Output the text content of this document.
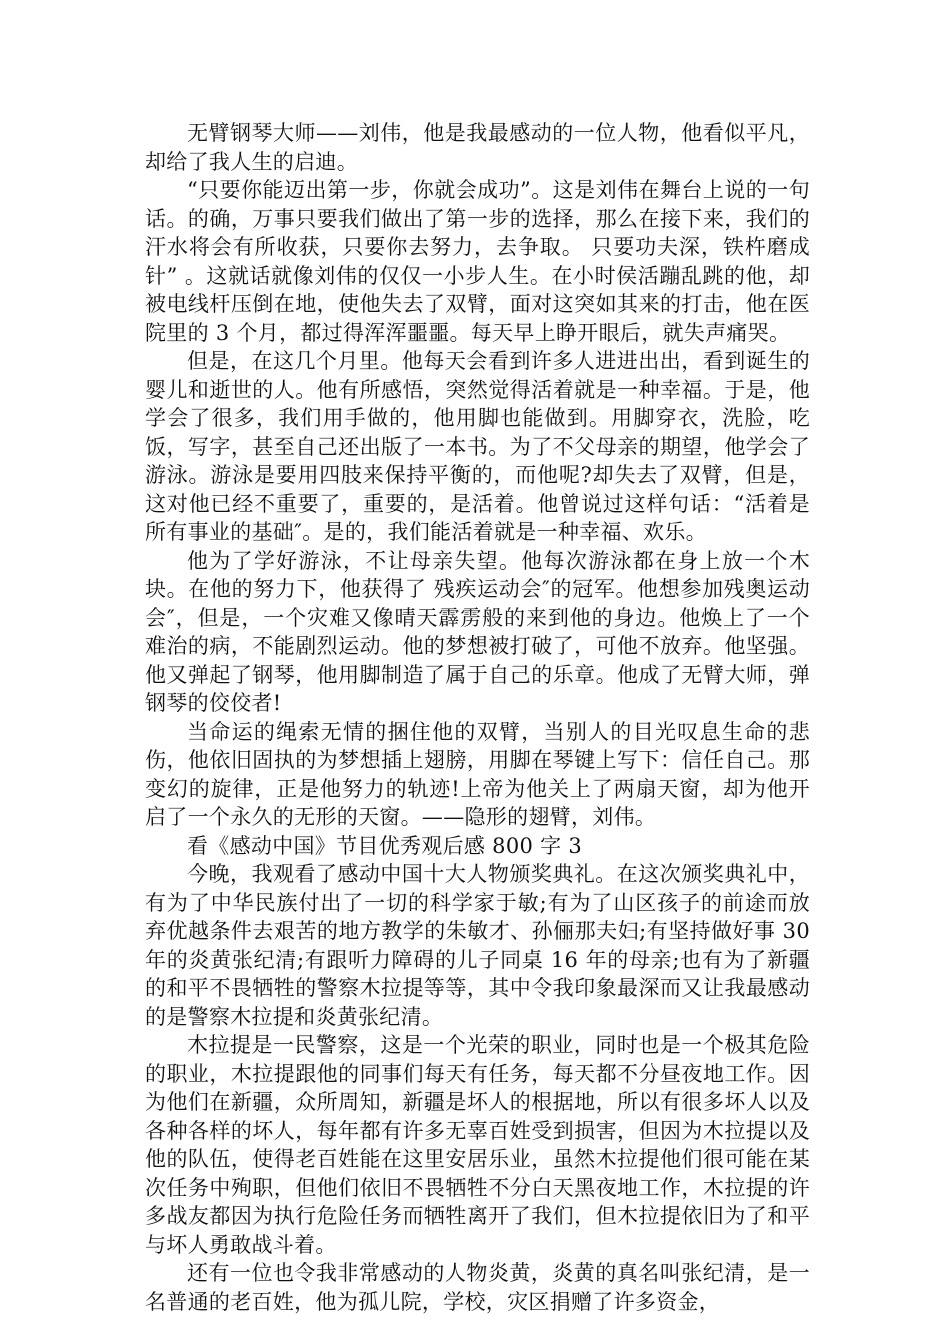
无臂钢琴大师——刘伟，他是我最感动的一位人物，他看似平凡，却给了我人生的启迪。

“只要你能迈出第一步，你就会成功”。这是刘伟在舞台上说的一句话。的确，万事只要我们做出了第一步的选择，那么在接下来，我们的汗水将会有所收获，只要你去努力，去争取。 只要功夫深，铁杵磨成针” 。这就话就像刘伟的仅仅一小步人生。在小时侯活蹦乱跳的他，却被电线杆压倒在地，使他失去了双臂，面对这突如其来的打击，他在医院里的 3 个月，都过得浑浑噩噩。每天早上睁开眼后，就失声痛哭。

但是，在这几个月里。他每天会看到许多人进进出出，看到诞生的婴儿和逝世的人。他有所感悟，突然觉得活着就是一种幸福。于是，他学会了很多，我们用手做的，他用脚也能做到。用脚穿衣，洗脸，吃饭，写字，甚至自己还出版了一本书。为了不父母亲的期望，他学会了游泳。游泳是要用四肢来保持平衡的，而他呢?却失去了双臂，但是，这对他已经不重要了，重要的，是活着。他曾说过这样句话：“活着是所有事业的基础″。是的，我们能活着就是一种幸福、欢乐。

他为了学好游泳，不让母亲失望。他每次游泳都在身上放一个木块。在他的努力下，他获得了 残疾运动会″的冠军。他想参加残奥运动会″，但是，一个灾难又像晴天霹雳般的来到他的身边。他焕上了一个难治的病，不能剧烈运动。他的梦想被打破了，可他不放弃。他坚强。他又弹起了钢琴，他用脚制造了属于自己的乐章。他成了无臂大师，弹钢琴的佼佼者!

当命运的绳索无情的捆住他的双臂，当别人的目光叹息生命的悲伤，他依旧固执的为梦想插上翅膀，用脚在琴键上写下：信任自己。那变幻的旋律，正是他努力的轨迹!上帝为他关上了两扇天窗，却为他开启了一个永久的无形的天窗。——隐形的翅臂，刘伟。

看《感动中国》节目优秀观后感 800 字 3

今晚，我观看了感动中国十大人物颁奖典礼。在这次颁奖典礼中，有为了中华民族付出了一切的科学家于敏;有为了山区孩子的前途而放弃优越条件去艰苦的地方教学的朱敏才、孙俪那夫妇;有坚持做好事 30 年的炎黄张纪清;有跟听力障碍的儿子同桌 16 年的母亲;也有为了新疆的和平不畏牺牲的警察木拉提等等，其中令我印象最深而又让我最感动的是警察木拉提和炎黄张纪清。

木拉提是一民警察，这是一个光荣的职业，同时也是一个极其危险的职业，木拉提跟他的同事们每天有任务，每天都不分昼夜地工作。因为他们在新疆，众所周知，新疆是坏人的根据地，所以有很多坏人以及各种各样的坏人，每年都有许多无辜百姓受到损害，但因为木拉提以及他的队伍，使得老百姓能在这里安居乐业，虽然木拉提他们很可能在某次任务中殉职，但他们依旧不畏牺牲不分白天黑夜地工作，木拉提的许多战友都因为执行危险任务而牺牲离开了我们，但木拉提依旧为了和平与坏人勇敢战斗着。

还有一位也令我非常感动的人物炎黄，炎黄的真名叫张纪清，是一名普通的老百姓，他为孤儿院，学校，灾区捐赠了许多资金，
